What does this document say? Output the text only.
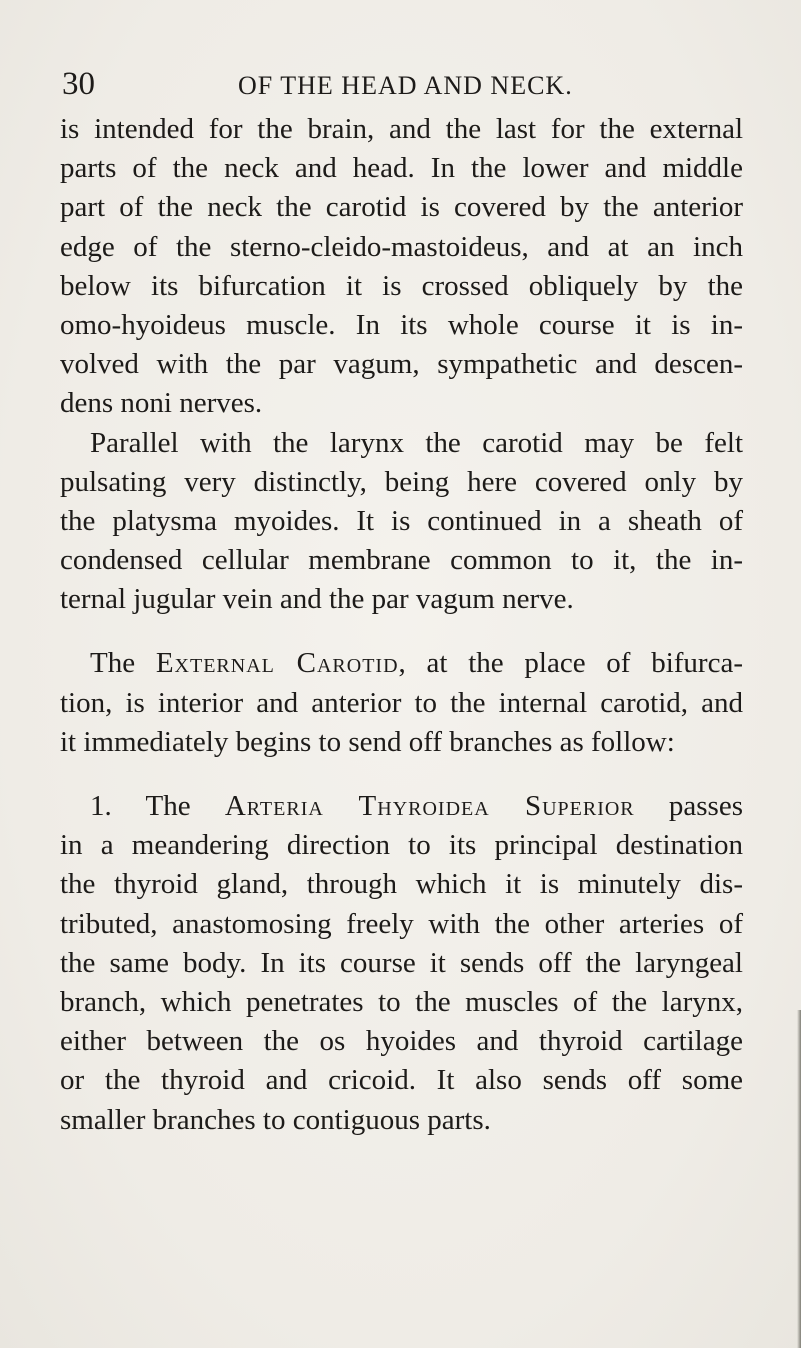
30	OF THE HEAD AND NECK.
is intended for the brain, and the last for the external
parts of the neck and head. In the lower and middle
part of the neck the carotid is covered by the anterior
edge of the sterno-cleido-mastoideus, and at an inch
below its bifurcation it is crossed obliquely by the
omo-hyoideus muscle. In its whole course it is in-
volved with the par vagum, sympathetic and descen-
dens noni nerves.
Parallel with the larynx the carotid may be felt
pulsating very distinctly, being here covered only by
the platysma myoides. It is continued in a sheath of
condensed cellular membrane common to it, the in-
ternal jugular vein and the par vagum nerve.
The External Carotid, at the place of bifurca-
tion, is interior and anterior to the internal carotid, and
it immediately begins to send off branches as follow:
1. The Arteria Thyroidea Superior passes
in a meandering direction to its principal destination
the thyroid gland, through which it is minutely dis-
tributed, anastomosing freely with the other arteries of
the same body. In its course it sends off the laryngeal
branch, which penetrates to the muscles of the larynx,
either between the os hyoides and thyroid cartilage
or the thyroid and cricoid. It also sends off some
smaller branches to contiguous parts.
